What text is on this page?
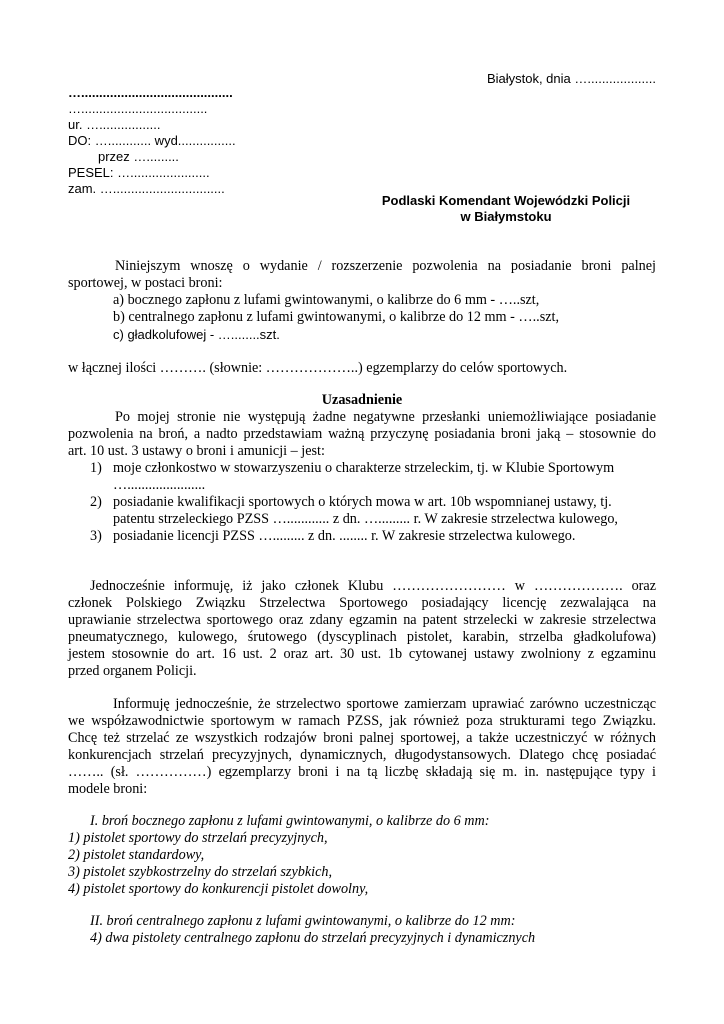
Białystok, dnia …...................

…..........................................

…...................................

ur. ….................

DO: …............ wyd................

przez ….........

PESEL: …......................

zam. …...............................

Podlaski Komendant Wojewódzki Policji

w Białymstoku

Niniejszym wnoszę o wydanie / rozszerzenie pozwolenia na posiadanie broni palnej

sportowej, w postaci broni:

a) bocznego zapłonu z lufami gwintowanymi, o kalibrze do 6 mm - …..szt,

b) centralnego zapłonu z lufami gwintowanymi, o kalibrze do 12 mm - …..szt,

c) gładkolufowej - …........szt.

w łącznej ilości ………. (słownie: ………………..) egzemplarzy do celów sportowych.

Uzasadnienie

Po mojej stronie nie występują żadne negatywne przesłanki uniemożliwiające posiadanie

pozwolenia na broń, a nadto przedstawiam ważną przyczynę posiadania broni jaką – stosownie do

art. 10 ust. 3 ustawy o broni i amunicji – jest:

1) moje członkostwo w stowarzyszeniu o charakterze strzeleckim, tj. w Klubie Sportowym

…......................

2) posiadanie kwalifikacji sportowych o których mowa w art. 10b wspomnianej ustawy, tj.

patentu strzeleckiego PZSS …............ z dn. …......... r. W zakresie strzelectwa kulowego,

3) posiadanie licencji PZSS …......... z dn. ........ r. W zakresie strzelectwa kulowego.

Jednocześnie informuję, iż jako członek Klubu …………………… w ………………. oraz

członek Polskiego Związku Strzelectwa Sportowego posiadający licencję zezwalająca na

uprawianie strzelectwa sportowego oraz zdany egzamin na patent strzelecki w zakresie strzelectwa

pneumatycznego, kulowego, śrutowego (dyscyplinach pistolet, karabin, strzelba gładkolufowa)

jestem stosownie do art. 16 ust. 2 oraz art. 30 ust. 1b cytowanej ustawy zwolniony z egzaminu

przed organem Policji.

Informuję jednocześnie, że strzelectwo sportowe zamierzam uprawiać zarówno uczestnicząc

we współzawodnictwie sportowym w ramach PZSS, jak również poza strukturami tego Związku.

Chcę też strzelać ze wszystkich rodzajów broni palnej sportowej, a także uczestniczyć w różnych

konkurencjach strzelań precyzyjnych, dynamicznych, długodystansowych. Dlatego chcę posiadać

…….. (sł. ……………) egzemplarzy broni i na tą liczbę składają się m. in. następujące typy i

modele broni:

I. broń bocznego zapłonu z lufami gwintowanymi, o kalibrze do 6 mm:

1) pistolet sportowy do strzelań precyzyjnych,

2) pistolet standardowy,

3) pistolet szybkostrzelny do strzelań szybkich,

4) pistolet sportowy do konkurencji pistolet dowolny,

II. broń centralnego zapłonu z lufami gwintowanymi, o kalibrze do 12 mm:

4) dwa pistolety centralnego zapłonu do strzelań precyzyjnych i dynamicznych
